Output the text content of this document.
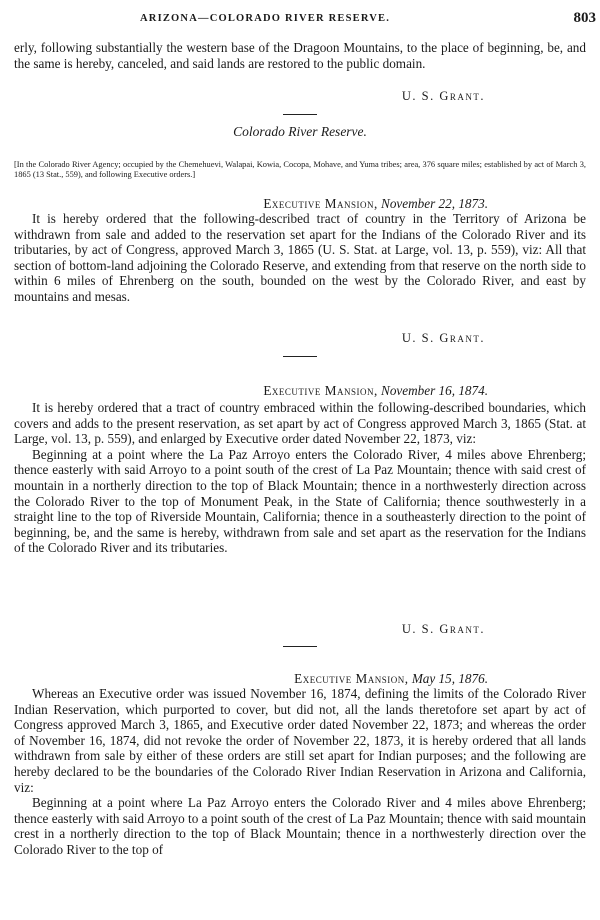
ARIZONA—COLORADO RIVER RESERVE.	803

erly, following substantially the western base of the Dragoon Mountains, to the place of beginning, be, and the same is hereby, canceled, and said lands are restored to the public domain.

U. S. Grant.
Colorado River Reserve.
[In the Colorado River Agency; occupied by the Chemehuevi, Walapai, Kowia, Cocopa, Mohave, and Yuma tribes; area, 376 square miles; established by act of March 3, 1865 (13 Stat., 559), and following Executive orders.]
Executive Mansion, November 22, 1873.

It is hereby ordered that the following-described tract of country in the Territory of Arizona be withdrawn from sale and added to the reservation set apart for the Indians of the Colorado River and its tributaries, by act of Congress, approved March 3, 1865 (U. S. Stat. at Large, vol. 13, p. 559), viz: All that section of bottom-land adjoining the Colorado Reserve, and extending from that reserve on the north side to within 6 miles of Ehrenberg on the south, bounded on the west by the Colorado River, and east by mountains and mesas.

U. S. Grant.
Executive Mansion, November 16, 1874.

It is hereby ordered that a tract of country embraced within the following-described boundaries, which covers and adds to the present reservation, as set apart by act of Congress approved March 3, 1865 (Stat. at Large, vol. 13, p. 559), and enlarged by Executive order dated November 22, 1873, viz:

Beginning at a point where the La Paz Arroyo enters the Colorado River, 4 miles above Ehrenberg; thence easterly with said Arroyo to a point south of the crest of La Paz Mountain; thence with said crest of mountain in a northerly direction to the top of Black Mountain; thence in a northwesterly direction across the Colorado River to the top of Monument Peak, in the State of California; thence southwesterly in a straight line to the top of Riverside Mountain, California; thence in a southeasterly direction to the point of beginning, be, and the same is hereby, withdrawn from sale and set apart as the reservation for the Indians of the Colorado River and its tributaries.

U. S. Grant.
Executive Mansion, May 15, 1876.

Whereas an Executive order was issued November 16, 1874, defining the limits of the Colorado River Indian Reservation, which purported to cover, but did not, all the lands theretofore set apart by act of Congress approved March 3, 1865, and Executive order dated November 22, 1873; and whereas the order of November 16, 1874, did not revoke the order of November 22, 1873, it is hereby ordered that all lands withdrawn from sale by either of these orders are still set apart for Indian purposes; and the following are hereby declared to be the boundaries of the Colorado River Indian Reservation in Arizona and California, viz:

Beginning at a point where La Paz Arroyo enters the Colorado River and 4 miles above Ehrenberg; thence easterly with said Arroyo to a point south of the crest of La Paz Mountain; thence with said mountain crest in a northerly direction to the top of Black Mountain; thence in a northwesterly direction over the Colorado River to the top of
